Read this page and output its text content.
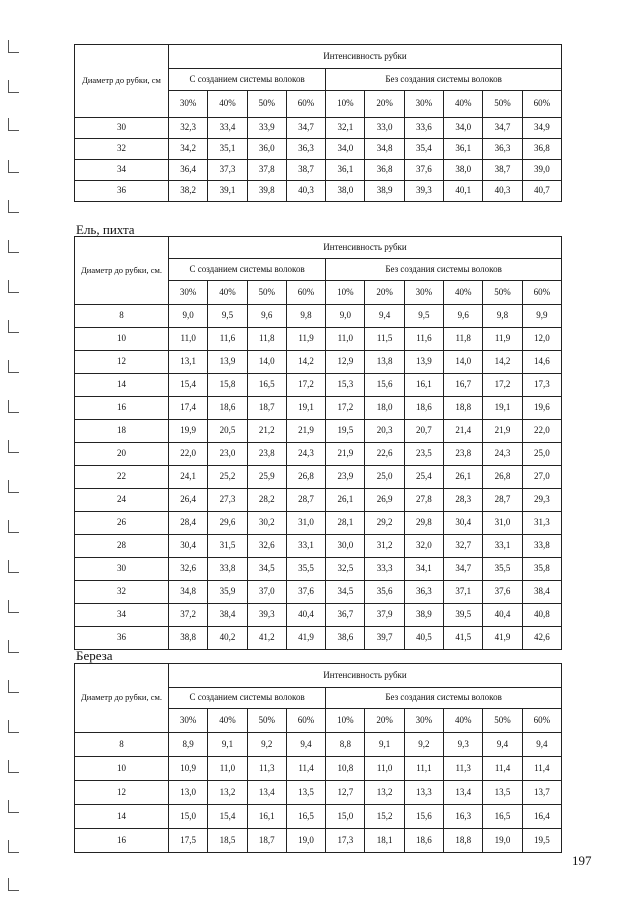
Диаметр до рубки, см	Интенсивность рубки									
	С созданием системы волоков				Без создания системы волоков					
	30%	40%	50%	60%	10%	20%	30%	40%	50%	60%
30	32,3	33,4	33,9	34,7	32,1	33,0	33,6	34,0	34,7	34,9
32	34,2	35,1	36,0	36,3	34,0	34,8	35,4	36,1	36,3	36,8
34	36,4	37,3	37,8	38,7	36,1	36,8	37,6	38,0	38,7	39,0
36	38,2	39,1	39,8	40,3	38,0	38,9	39,3	40,1	40,3	40,7
Ель, пихта
Диаметр до рубки, см.	Интенсивность рубки									
	С созданием системы волоков				Без создания системы волоков					
	30%	40%	50%	60%	10%	20%	30%	40%	50%	60%
8	9,0	9,5	9,6	9,8	9,0	9,4	9,5	9,6	9,8	9,9
10	11,0	11,6	11,8	11,9	11,0	11,5	11,6	11,8	11,9	12,0
12	13,1	13,9	14,0	14,2	12,9	13,8	13,9	14,0	14,2	14,6
14	15,4	15,8	16,5	17,2	15,3	15,6	16,1	16,7	17,2	17,3
16	17,4	18,6	18,7	19,1	17,2	18,0	18,6	18,8	19,1	19,6
18	19,9	20,5	21,2	21,9	19,5	20,3	20,7	21,4	21,9	22,0
20	22,0	23,0	23,8	24,3	21,9	22,6	23,5	23,8	24,3	25,0
22	24,1	25,2	25,9	26,8	23,9	25,0	25,4	26,1	26,8	27,0
24	26,4	27,3	28,2	28,7	26,1	26,9	27,8	28,3	28,7	29,3
26	28,4	29,6	30,2	31,0	28,1	29,2	29,8	30,4	31,0	31,3
28	30,4	31,5	32,6	33,1	30,0	31,2	32,0	32,7	33,1	33,8
30	32,6	33,8	34,5	35,5	32,5	33,3	34,1	34,7	35,5	35,8
32	34,8	35,9	37,0	37,6	34,5	35,6	36,3	37,1	37,6	38,4
34	37,2	38,4	39,3	40,4	36,7	37,9	38,9	39,5	40,4	40,8
36	38,8	40,2	41,2	41,9	38,6	39,7	40,5	41,5	41,9	42,6
Береза
Диаметр до рубки, см.	Интенсивность рубки									
	С созданием системы волоков				Без создания системы волоков					
	30%	40%	50%	60%	10%	20%	30%	40%	50%	60%
8	8,9	9,1	9,2	9,4	8,8	9,1	9,2	9,3	9,4	9,4
10	10,9	11,0	11,3	11,4	10,8	11,0	11,1	11,3	11,4	11,4
12	13,0	13,2	13,4	13,5	12,7	13,2	13,3	13,4	13,5	13,7
14	15,0	15,4	16,1	16,5	15,0	15,2	15,6	16,3	16,5	16,4
16	17,5	18,5	18,7	19,0	17,3	18,1	18,6	18,8	19,0	19,5
197
